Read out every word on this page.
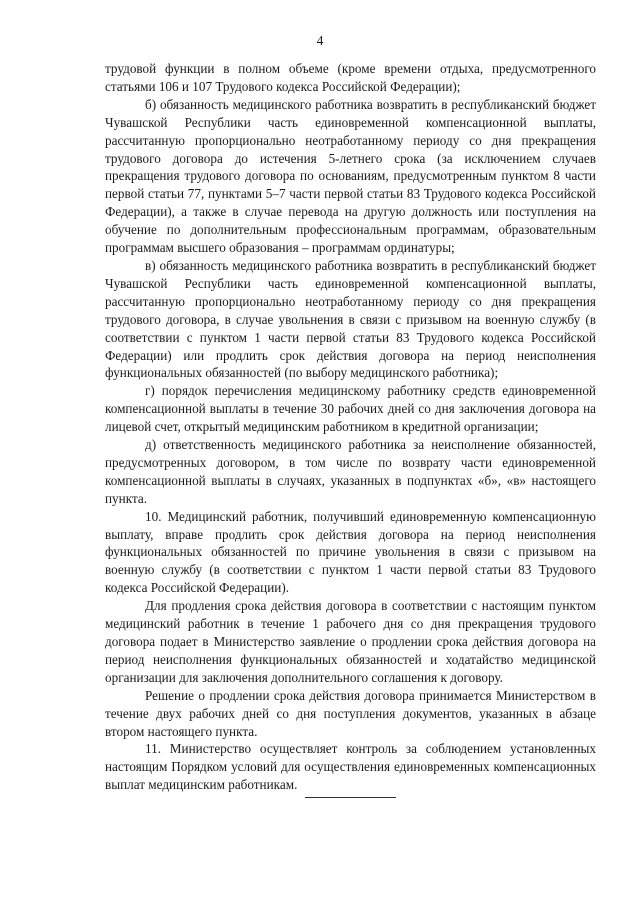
4

трудовой функции в полном объеме (кроме времени отдыха, предусмотренного статьями 106 и 107 Трудового кодекса Российской Федерации);

б) обязанность медицинского работника возвратить в республиканский бюджет Чувашской Республики часть единовременной компенсационной выплаты, рассчитанную пропорционально неотработанному периоду со дня прекращения трудового договора до истечения 5-летнего срока (за исключением случаев прекращения трудового договора по основаниям, предусмотренным пунктом 8 части первой статьи 77, пунктами 5–7 части первой статьи 83 Трудового кодекса Российской Федерации), а также в случае перевода на другую должность или поступления на обучение по дополнительным профессиональным программам, образовательным программам высшего образования – программам ординатуры;

в) обязанность медицинского работника возвратить в республиканский бюджет Чувашской Республики часть единовременной компенсационной выплаты, рассчитанную пропорционально неотработанному периоду со дня прекращения трудового договора, в случае увольнения в связи с призывом на военную службу (в соответствии с пунктом 1 части первой статьи 83 Трудового кодекса Российской Федерации) или продлить срок действия договора на период неисполнения функциональных обязанностей (по выбору медицинского работника);

г) порядок перечисления медицинскому работнику средств единовременной компенсационной выплаты в течение 30 рабочих дней со дня заключения договора на лицевой счет, открытый медицинским работником в кредитной организации;

д) ответственность медицинского работника за неисполнение обязанностей, предусмотренных договором, в том числе по возврату части единовременной компенсационной выплаты в случаях, указанных в подпунктах «б», «в» настоящего пункта.

10. Медицинский работник, получивший единовременную компенсационную выплату, вправе продлить срок действия договора на период неисполнения функциональных обязанностей по причине увольнения в связи с призывом на военную службу (в соответствии с пунктом 1 части первой статьи 83 Трудового кодекса Российской Федерации).

Для продления срока действия договора в соответствии с настоящим пунктом медицинский работник в течение 1 рабочего дня со дня прекращения трудового договора подает в Министерство заявление о продлении срока действия договора на период неисполнения функциональных обязанностей и ходатайство медицинской организации для заключения дополнительного соглашения к договору.

Решение о продлении срока действия договора принимается Министерством в течение двух рабочих дней со дня поступления документов, указанных в абзаце втором настоящего пункта.

11. Министерство осуществляет контроль за соблюдением установленных настоящим Порядком условий для осуществления единовременных компенсационных выплат медицинским работникам.
